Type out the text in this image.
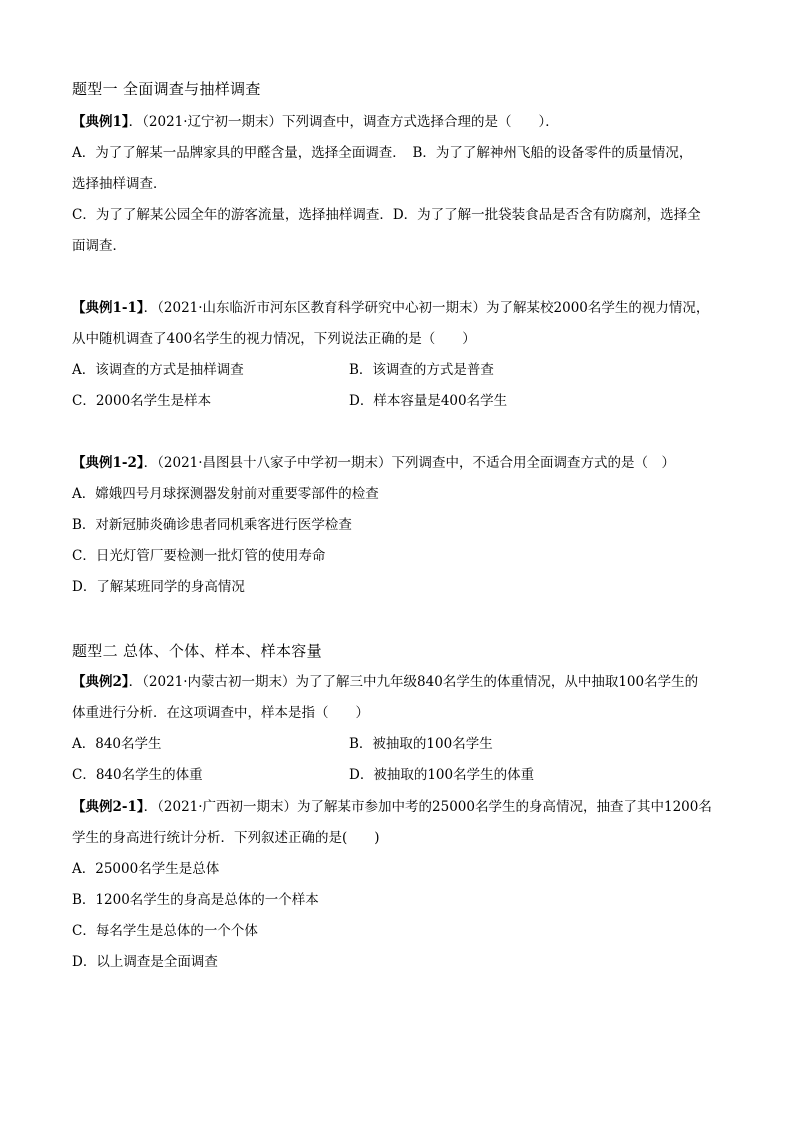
题型一 全面调查与抽样调查
【典例1】．（2021·辽宁初一期末）下列调查中，调查方式选择合理的是（　　）．
A．为了了解某一品牌家具的甲醛含量，选择全面调查．　B．为了了解神州飞船的设备零件的质量情况，
选择抽样调查．
C．为了了解某公园全年的游客流量，选择抽样调查．D．为了了解一批袋装食品是否含有防腐剂，选择全
面调查．
【典例1-1】．（2021·山东临沂市河东区教育科学研究中心初一期末）为了解某校2000名学生的视力情况，
从中随机调查了400名学生的视力情况，下列说法正确的是（　　）
A．该调查的方式是抽样调查	B．该调查的方式是普查
C．2000名学生是样本	D．样本容量是400名学生
【典例1-2】．（2021·昌图县十八家子中学初一期末）下列调查中，不适合用全面调查方式的是（　）
A．嫦娥四号月球探测器发射前对重要零部件的检查
B．对新冠肺炎确诊患者同机乘客进行医学检查
C．日光灯管厂要检测一批灯管的使用寿命
D．了解某班同学的身高情况
题型二 总体、个体、样本、样本容量
【典例2】．（2021·内蒙古初一期末）为了了解三中九年级840名学生的体重情况，从中抽取100名学生的
体重进行分析．在这项调查中，样本是指（　　）
A．840名学生	B．被抽取的100名学生
C．840名学生的体重	D．被抽取的100名学生的体重
【典例2-1】．（2021·广西初一期末）为了解某市参加中考的25000名学生的身高情况，抽查了其中1200名
学生的身高进行统计分析．下列叙述正确的是(　　)
A．25000名学生是总体
B．1200名学生的身高是总体的一个样本
C．每名学生是总体的一个个体
D．以上调查是全面调查
